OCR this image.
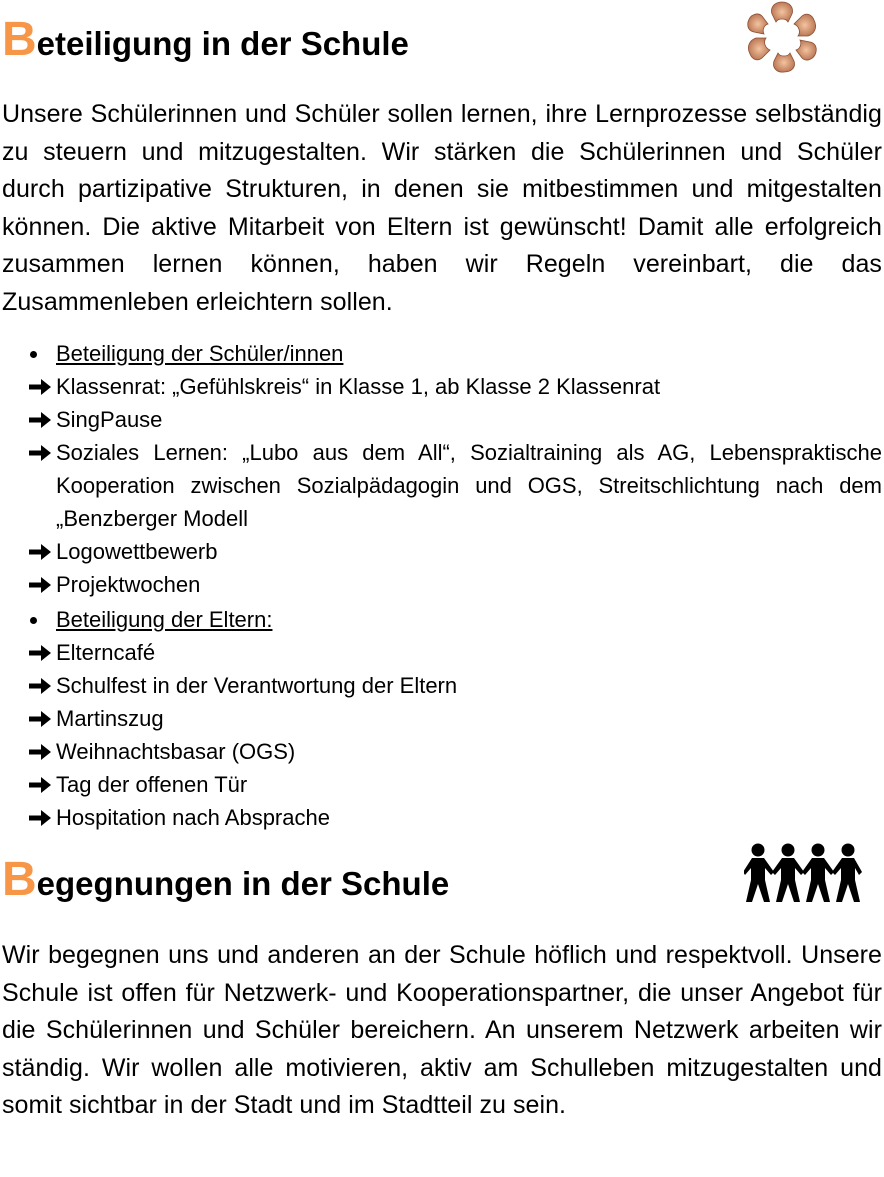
Beteiligung in der Schule

Unsere Schülerinnen und Schüler sollen lernen, ihre Lernprozesse selbständig zu steuern und mitzugestalten. Wir stärken die Schülerinnen und Schüler durch partizipative Strukturen, in denen sie mitbestimmen und mitgestalten können. Die aktive Mitarbeit von Eltern ist gewünscht! Damit alle erfolgreich zusammen lernen können, haben wir Regeln vereinbart, die das Zusammenleben erleichtern sollen.

Beteiligung der Schüler/innen
Klassenrat: „Gefühlskreis“ in Klasse 1, ab Klasse 2 Klassenrat
SingPause
Soziales Lernen: „Lubo aus dem All“, Sozialtraining als AG, Lebenspraktische Kooperation zwischen Sozialpädagogin und OGS, Streitschlichtung nach dem „Benzberger Modell
Logowettbewerb
Projektwochen
Beteiligung der Eltern:
Elterncafé
Schulfest in der Verantwortung der Eltern
Martinszug
Weihnachtsbasar (OGS)
Tag der offenen Tür
Hospitation nach Absprache
Begegnungen in der Schule

Wir begegnen uns und anderen an der Schule höflich und respektvoll. Unsere Schule ist offen für Netzwerk- und Kooperationspartner, die unser Angebot für die Schülerinnen und Schüler bereichern. An unserem Netzwerk arbeiten wir ständig. Wir wollen alle motivieren, aktiv am Schulleben mitzugestalten und somit sichtbar in der Stadt und im Stadtteil zu sein.
